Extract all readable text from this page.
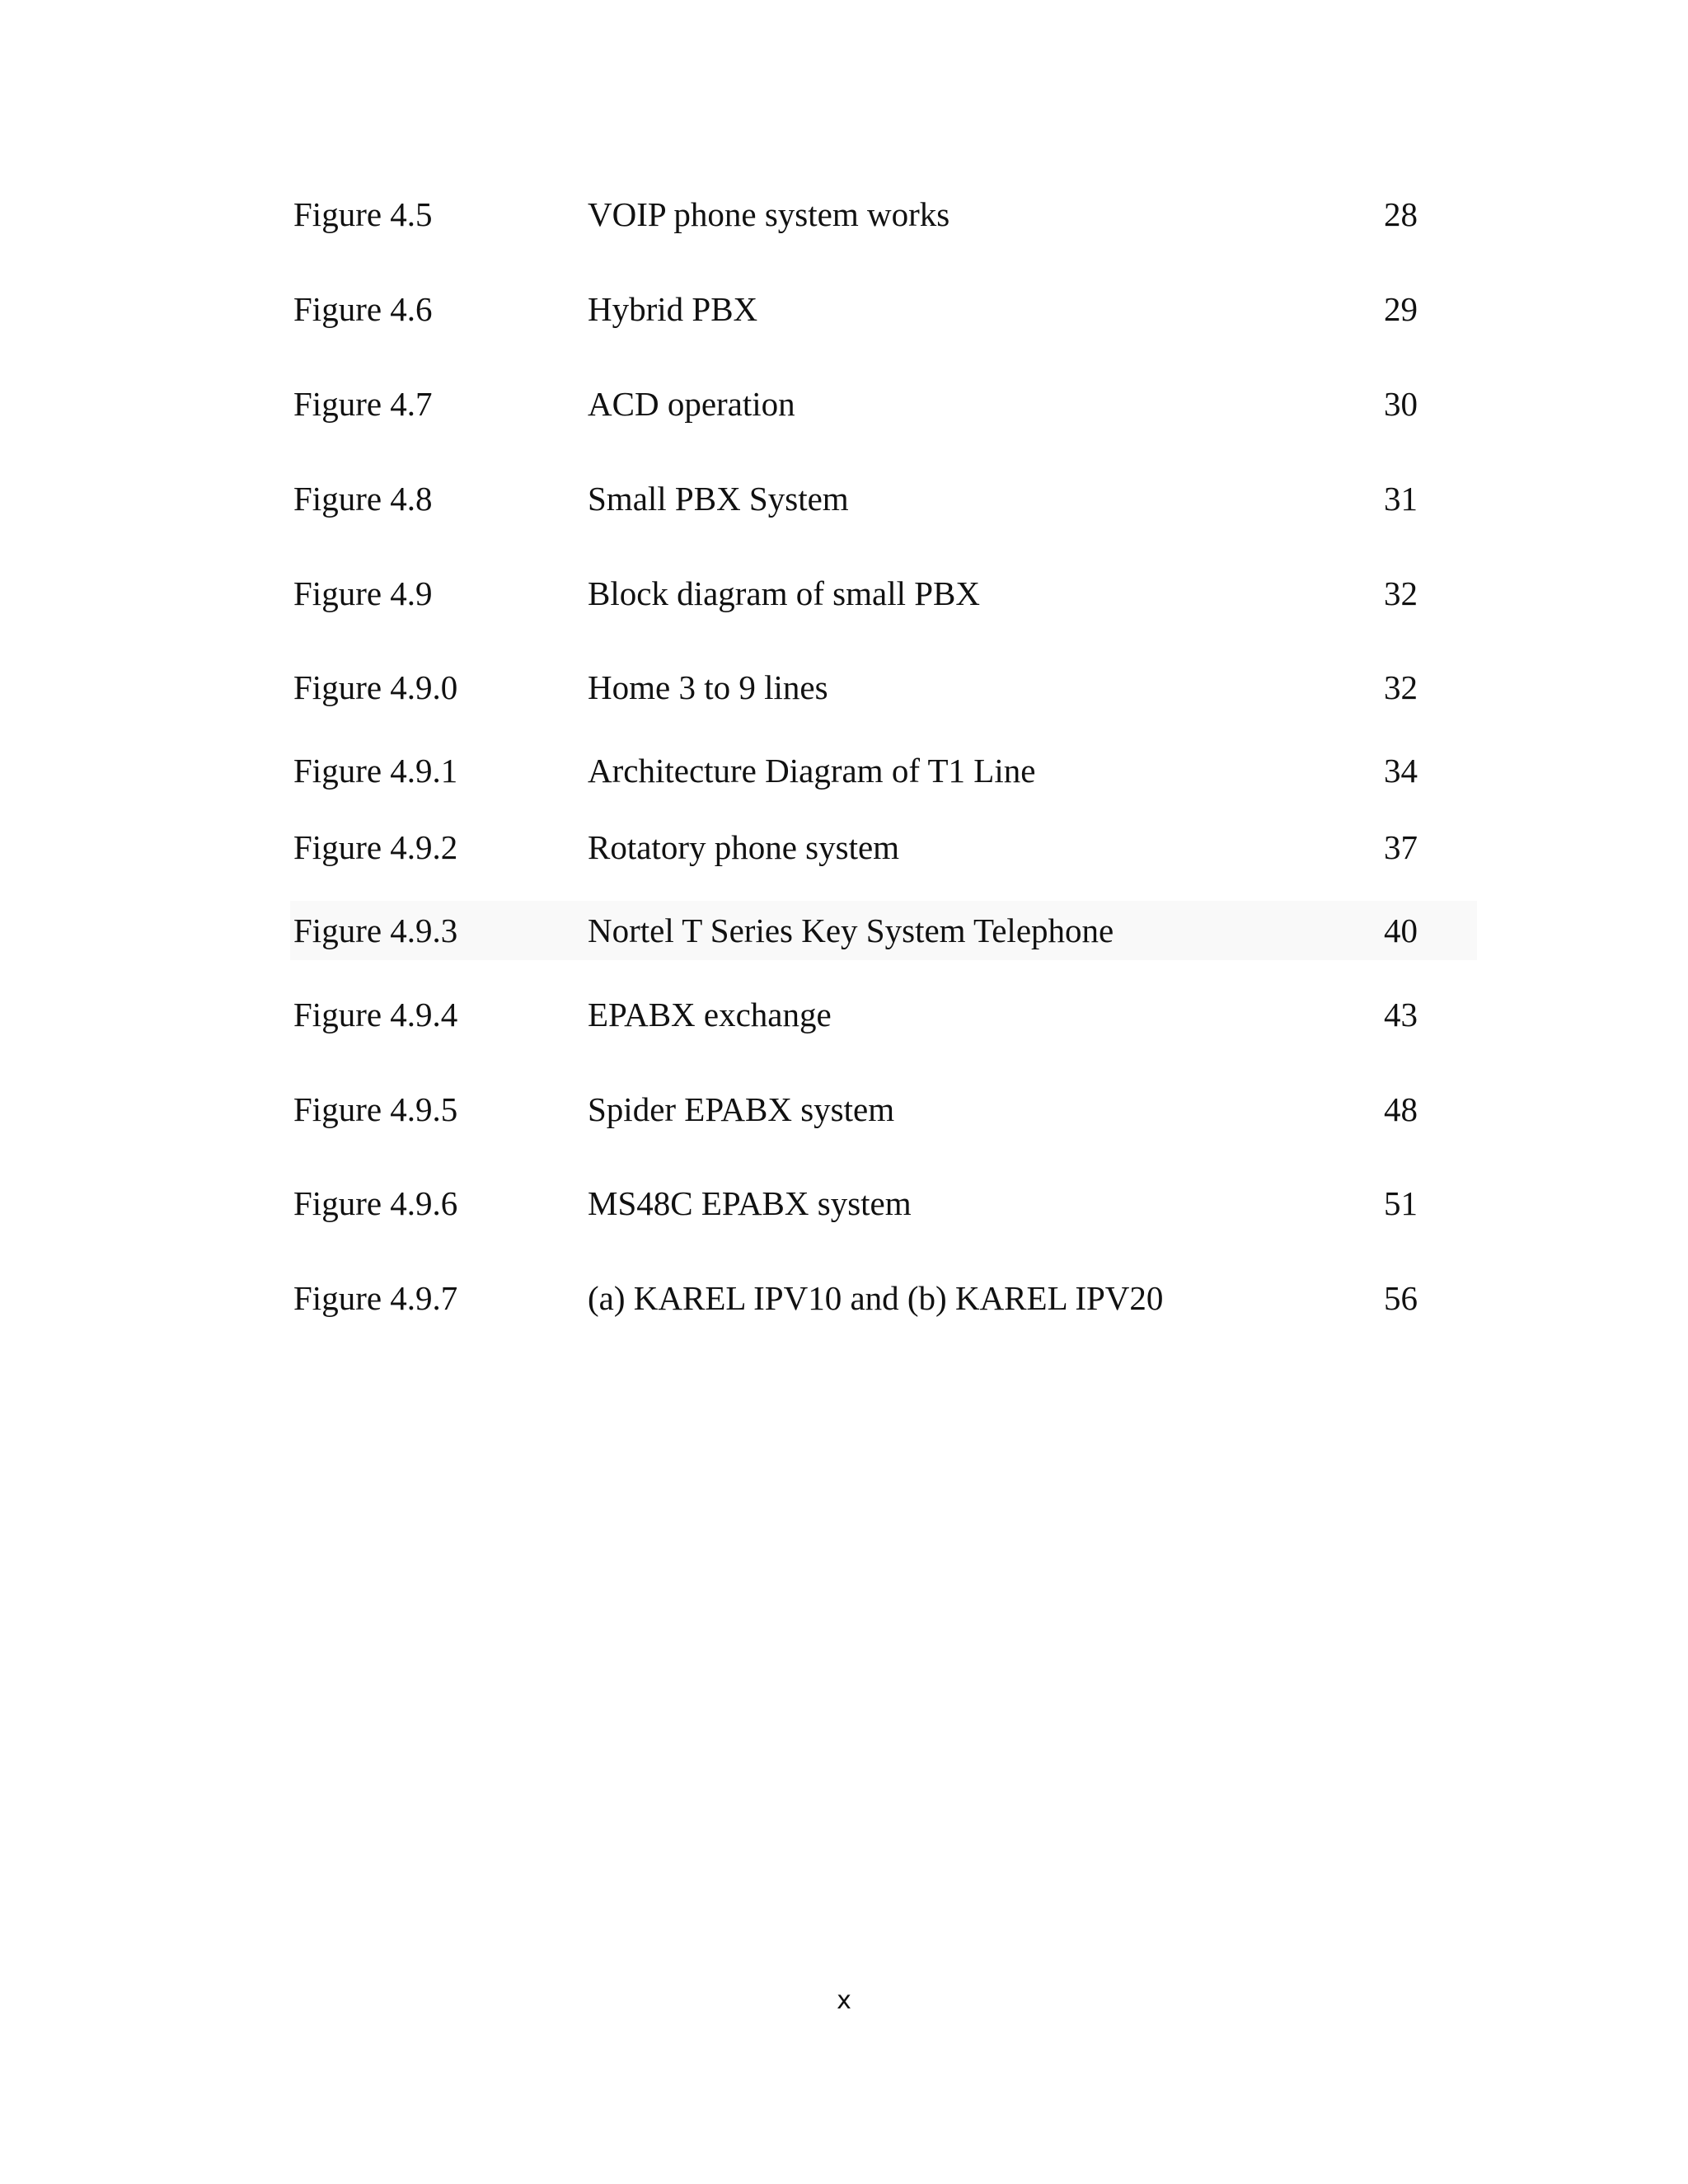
Figure 4.5	VOIP phone system works	28
Figure 4.6	Hybrid PBX	29
Figure 4.7	ACD operation	30
Figure 4.8	Small PBX System	31
Figure 4.9	Block diagram of small PBX	32
Figure 4.9.0	Home 3 to 9 lines	32
Figure 4.9.1	Architecture Diagram of T1 Line	34
Figure 4.9.2	Rotatory phone system	37
Figure 4.9.3	Nortel T Series Key System Telephone	40
Figure 4.9.4	EPABX exchange	43
Figure 4.9.5	Spider EPABX system	48
Figure 4.9.6	MS48C EPABX system	51
Figure 4.9.7	(a) KAREL IPV10 and (b) KAREL IPV20	56
x
